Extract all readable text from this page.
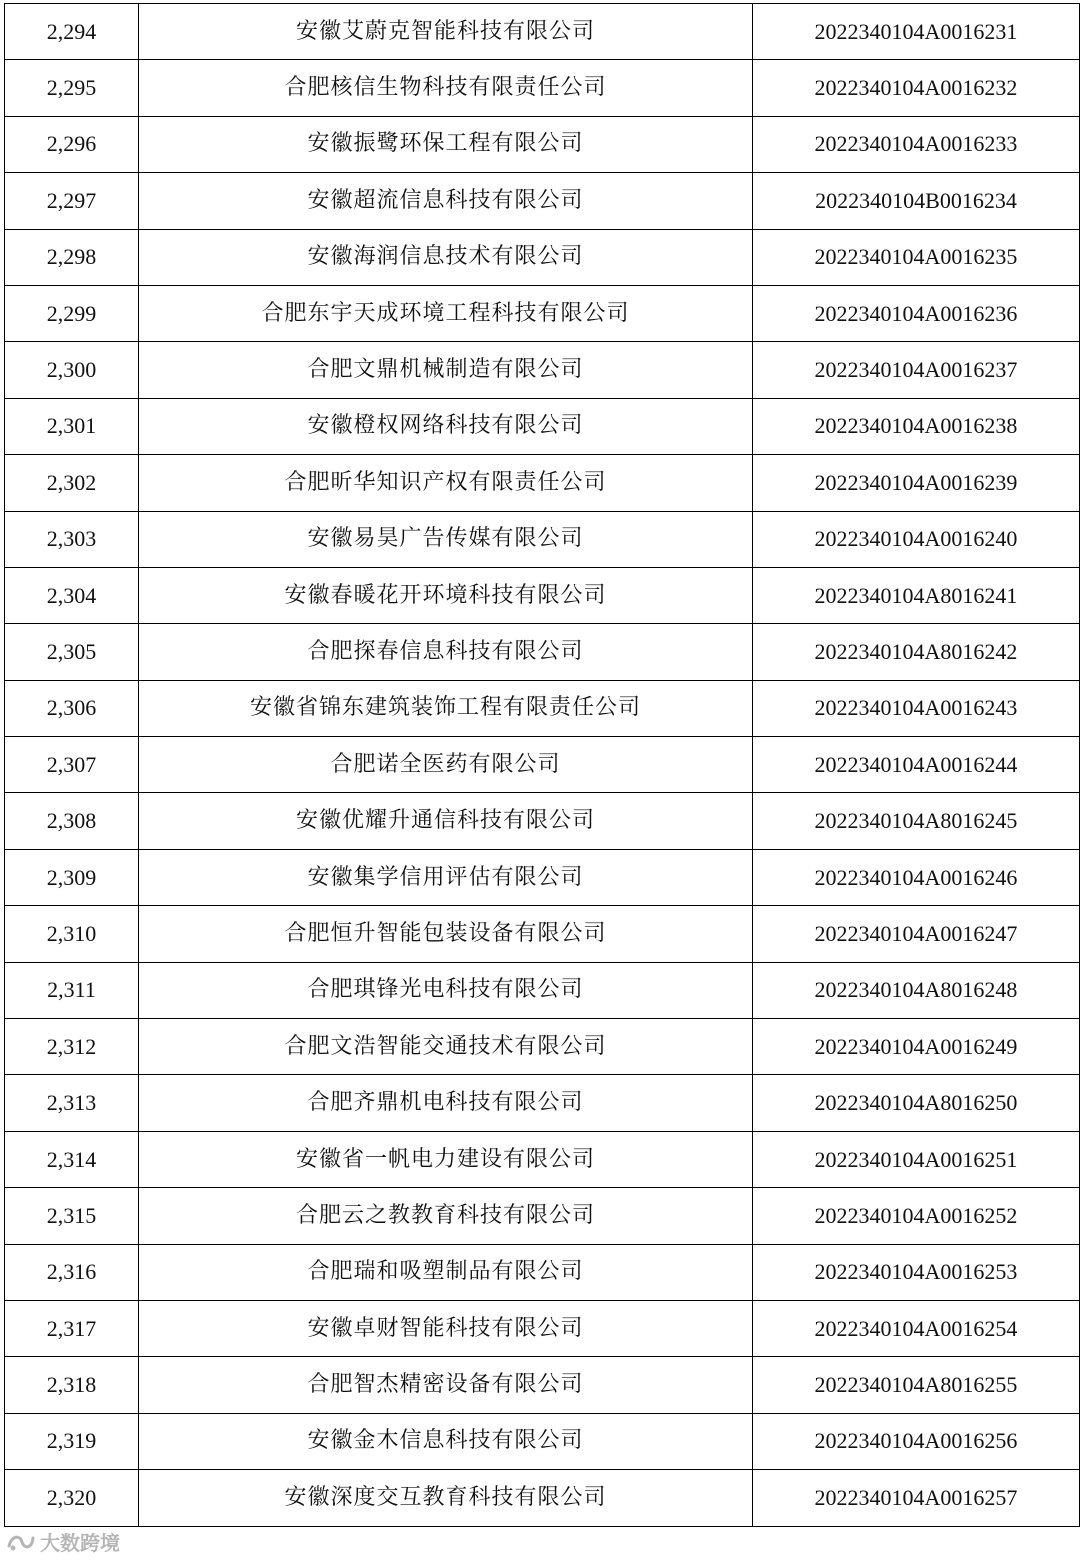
2,294	安徽艾蔚克智能科技有限公司	2022340104A0016231
2,295	合肥核信生物科技有限责任公司	2022340104A0016232
2,296	安徽振鹭环保工程有限公司	2022340104A0016233
2,297	安徽超流信息科技有限公司	2022340104B0016234
2,298	安徽海润信息技术有限公司	2022340104A0016235
2,299	合肥东宇天成环境工程科技有限公司	2022340104A0016236
2,300	合肥文鼎机械制造有限公司	2022340104A0016237
2,301	安徽橙权网络科技有限公司	2022340104A0016238
2,302	合肥昕华知识产权有限责任公司	2022340104A0016239
2,303	安徽易昊广告传媒有限公司	2022340104A0016240
2,304	安徽春暖花开环境科技有限公司	2022340104A8016241
2,305	合肥探春信息科技有限公司	2022340104A8016242
2,306	安徽省锦东建筑装饰工程有限责任公司	2022340104A0016243
2,307	合肥诺全医药有限公司	2022340104A0016244
2,308	安徽优耀升通信科技有限公司	2022340104A8016245
2,309	安徽集学信用评估有限公司	2022340104A0016246
2,310	合肥恒升智能包装设备有限公司	2022340104A0016247
2,311	合肥琪锋光电科技有限公司	2022340104A8016248
2,312	合肥文浩智能交通技术有限公司	2022340104A0016249
2,313	合肥齐鼎机电科技有限公司	2022340104A8016250
2,314	安徽省一帆电力建设有限公司	2022340104A0016251
2,315	合肥云之教教育科技有限公司	2022340104A0016252
2,316	合肥瑞和吸塑制品有限公司	2022340104A0016253
2,317	安徽卓财智能科技有限公司	2022340104A0016254
2,318	合肥智杰精密设备有限公司	2022340104A8016255
2,319	安徽金木信息科技有限公司	2022340104A0016256
2,320	安徽深度交互教育科技有限公司	2022340104A0016257
大数跨境
